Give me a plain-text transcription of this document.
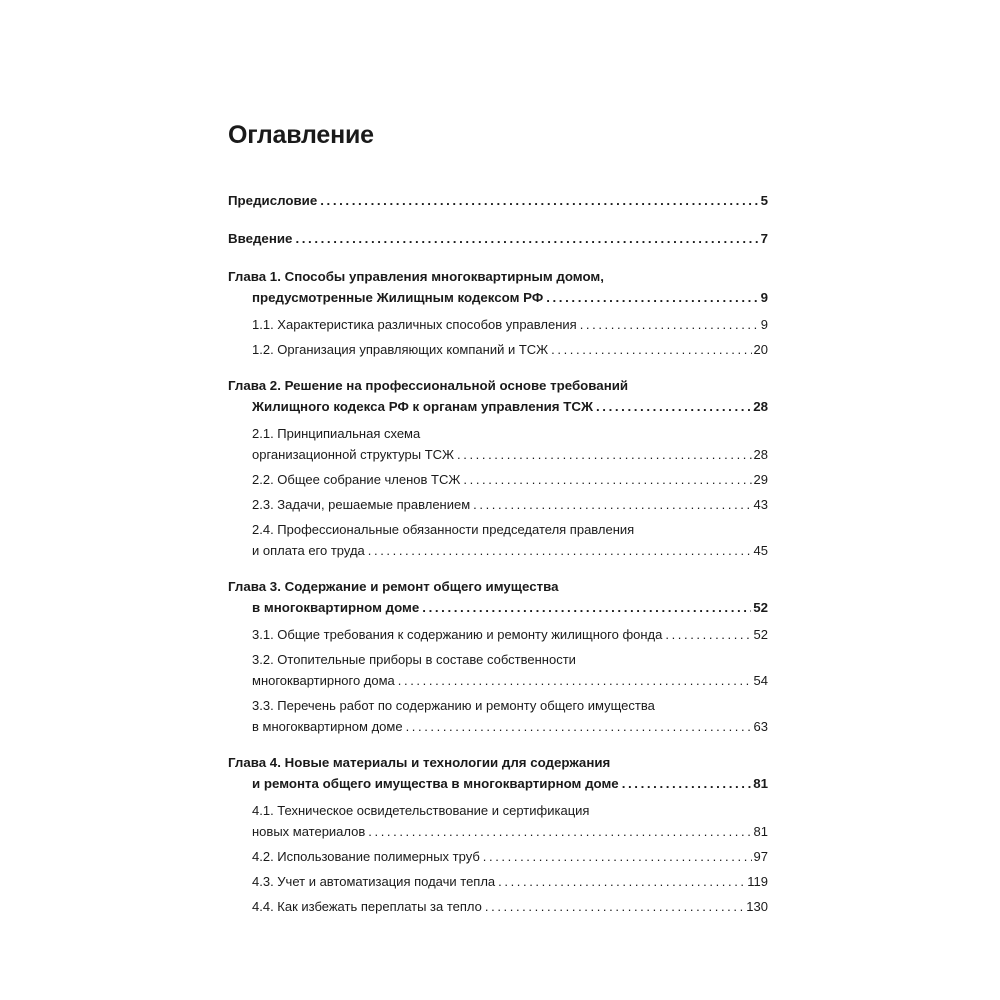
Оглавление
Предисловие .....	5
Введение .....	7
Глава 1. Способы управления многоквартирным домом,
предусмотренные Жилищным кодексом РФ .....	9
1.1. Характеристика различных способов управления .....	9
1.2. Организация управляющих компаний и ТСЖ .....	20
Глава 2. Решение на профессиональной основе требований
Жилищного кодекса РФ к органам управления ТСЖ .....	28
2.1. Принципиальная схема
организационной структуры ТСЖ .....	28
2.2. Общее собрание членов ТСЖ .....	29
2.3. Задачи, решаемые правлением .....	43
2.4. Профессиональные обязанности председателя правления
и оплата его труда .....	45
Глава 3. Содержание и ремонт общего имущества
в многоквартирном доме .....	52
3.1. Общие требования к содержанию и ремонту жилищного фонда .....	52
3.2. Отопительные приборы в составе собственности
многоквартирного дома .....	54
3.3. Перечень работ по содержанию и ремонту общего имущества
в многоквартирном доме .....	63
Глава 4. Новые материалы и технологии для содержания
и ремонта общего имущества в многоквартирном доме .....	81
4.1. Техническое освидетельствование и сертификация
новых материалов .....	81
4.2. Использование полимерных труб .....	97
4.3. Учет и автоматизация подачи тепла .....	119
4.4. Как избежать переплаты за тепло .....	130
